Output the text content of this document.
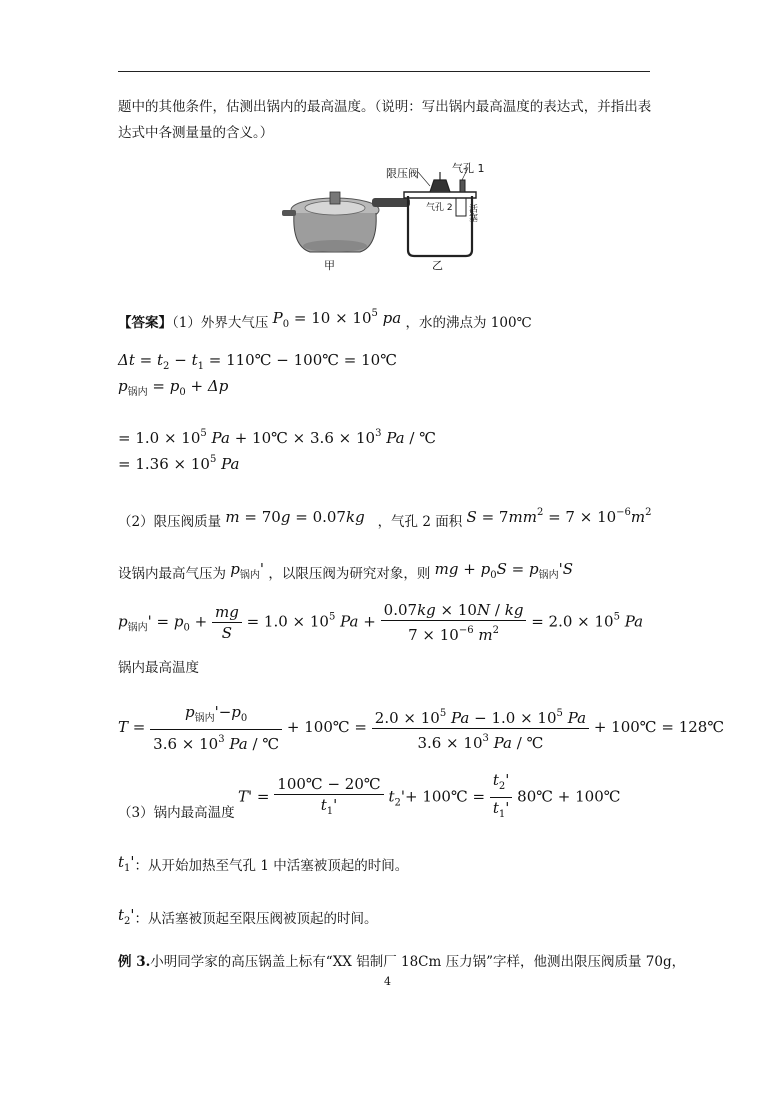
题中的其他条件，估测出锅内的最高温度。（说明：写出锅内最高温度的表达式，并指出表
达式中各测量量的含义。）
限压阀	气孔 1
气孔 2 活塞
甲	乙
【答案】（1）外界大气压 $P_0 = 10 \times 10^5$ pa ，水的沸点为 100℃
$\Delta t = t_2 - t_1$ = 110℃ − 100℃ = 10℃
$p_{锅内} = p_0 + \Delta p$
= $1.0 \times 10^5$ Pa + 10℃ × $3.6 \times 10^3$ Pa / ℃
= $1.36 \times 10^5$ Pa
（2）限压阀质量 m = 70g = 0.07kg ，气孔 2 面积 $S = 7mm^2 = 7 \times 10^{-6}m^2$
设锅内最高气压为 $p_{锅内}'$ ，以限压阀为研究对象，则 mg + $p_0S = p_{锅内}'S$
$p_{锅内}' = p_0 + \frac{mg}{S} = 1.0 \times 10^5$ $Pa + \frac{0.07kg \times 10N / kg}{7 \times 10^{-6} m^2} = 2.0 \times 10^5$ Pa
锅内最高温度
$T = \frac{p_{锅内}'-p_0}{3.6 \times 10^3 Pa / ℃}$ + 100℃ = $\frac{2.0 \times 10^5 Pa - 1.0 \times 10^5 Pa}{3.6 \times 10^3 Pa / ℃}$ + 100℃ = 128℃
$T' = \frac{100℃ - 20℃}{t_1'} t_2'+$ 100℃ = $\frac{t_2'}{t_1'}$ 80℃ + 100℃
（3）锅内最高温度
$t_1'$：从开始加热至气孔 1 中活塞被顶起的时间。
$t_2'$：从活塞被顶起至限压阀被顶起的时间。
例 3.小明同学家的高压锅盖上标有“XX 铝制厂 18Cm 压力锅”字样，他测出限压阀质量 70g，
4
